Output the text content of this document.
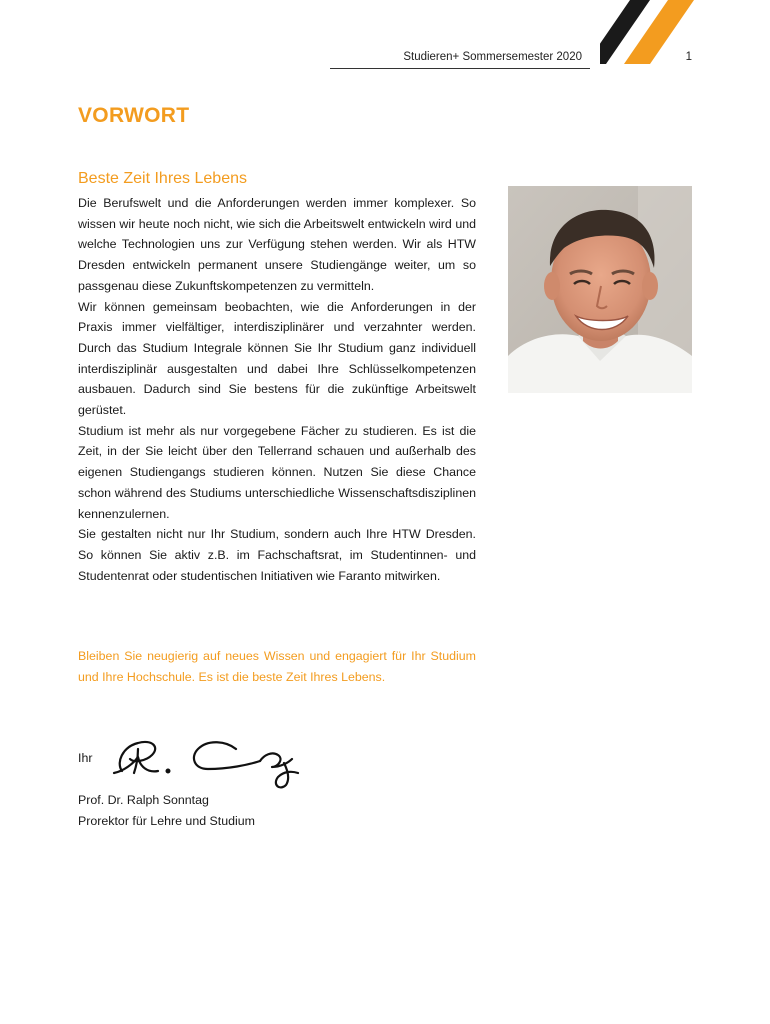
Studieren+ Sommersemester 2020	1
VORWORT
Beste Zeit Ihres Lebens

Die Berufswelt und die Anforderungen werden immer komplexer. So wissen wir heute noch nicht, wie sich die Arbeitswelt entwickeln wird und welche Technologien uns zur Verfügung stehen werden. Wir als HTW Dresden entwickeln permanent unsere Studiengänge weiter, um so passgenau diese Zukunftskompetenzen zu vermitteln.

Wir können gemeinsam beobachten, wie die Anforderungen in der Praxis immer vielfältiger, interdisziplinärer und verzahnter werden. Durch das Studium Integrale können Sie Ihr Studium ganz individuell interdisziplinär ausgestalten und dabei Ihre Schlüsselkompetenzen ausbauen. Dadurch sind Sie bestens für die zukünftige Arbeitswelt gerüstet.

Studium ist mehr als nur vorgegebene Fächer zu studieren. Es ist die Zeit, in der Sie leicht über den Tellerrand schauen und außerhalb des eigenen Studiengangs studieren können. Nutzen Sie diese Chance schon während des Studiums unterschiedliche Wissenschaftsdisziplinen kennenzulernen.

Sie gestalten nicht nur Ihr Studium, sondern auch Ihre HTW Dresden. So können Sie aktiv z.B. im Fachschaftsrat, im Studentinnen- und Studentenrat oder studentischen Initiativen wie Faranto mitwirken.

Bleiben Sie neugierig auf neues Wissen und engagiert für Ihr Studium und Ihre Hochschule. Es ist die beste Zeit Ihres Lebens.
Ihr
Prof. Dr. Ralph Sonntag
Prorektor für Lehre und Studium
